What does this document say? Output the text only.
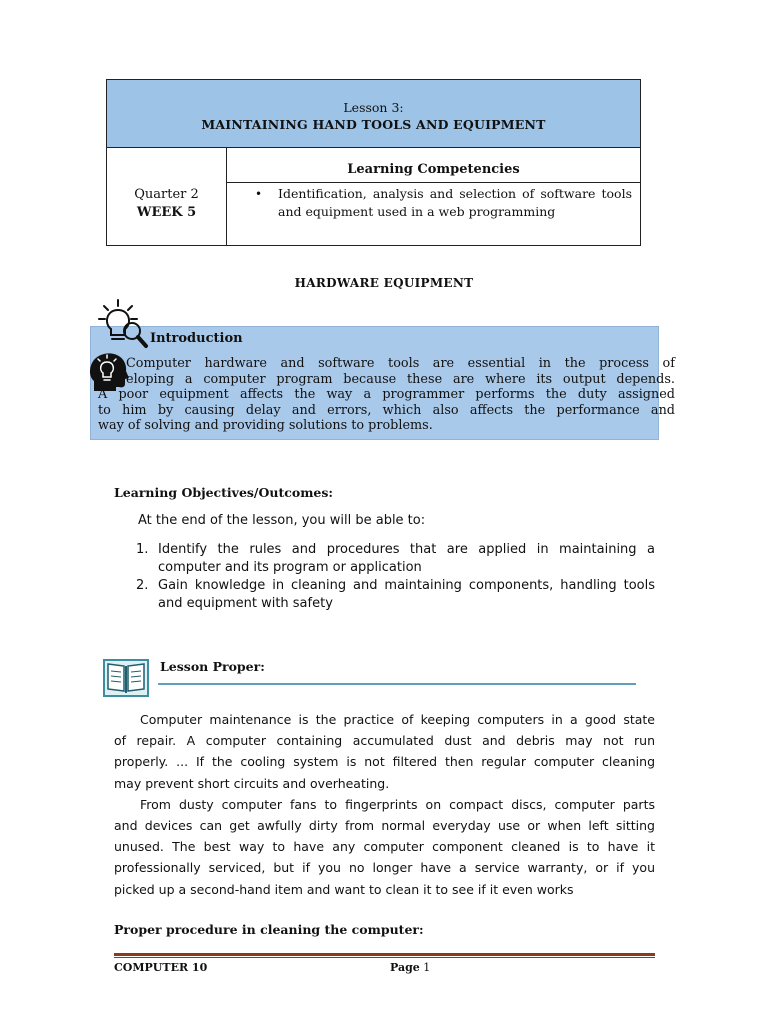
Lesson 3:
MAINTAINING HAND TOOLS AND EQUIPMENT
Quarter 2
WEEK 5
Learning Competencies
•	Identification, analysis and selection of software tools and equipment used in a web programming
HARDWARE EQUIPMENT
Introduction
Computer hardware and software tools are essential in the process of
eloping a computer program because these are where its output depends.
A poor equipment affects the way a programmer performs the duty assigned
to him by causing delay and errors, which also affects the performance and
way of solving and providing solutions to problems.
Learning Objectives/Outcomes:
At the end of the lesson, you will be able to:
1. Identify the rules and procedures that are applied in maintaining a computer and its program or application
2. Gain knowledge in cleaning and maintaining components, handling tools and equipment with safety
Lesson Proper:
Computer maintenance is the practice of keeping computers in a good state
of repair. A computer containing accumulated dust and debris may not run
properly. ... If the cooling system is not filtered then regular computer cleaning
may prevent short circuits and overheating.
From dusty computer fans to fingerprints on compact discs, computer parts
and devices can get awfully dirty from normal everyday use or when left sitting
unused. The best way to have any computer component cleaned is to have it
professionally serviced, but if you no longer have a service warranty, or if you
picked up a second-hand item and want to clean it to see if it even works
Proper procedure in cleaning the computer:
COMPUTER 10	Page 1
